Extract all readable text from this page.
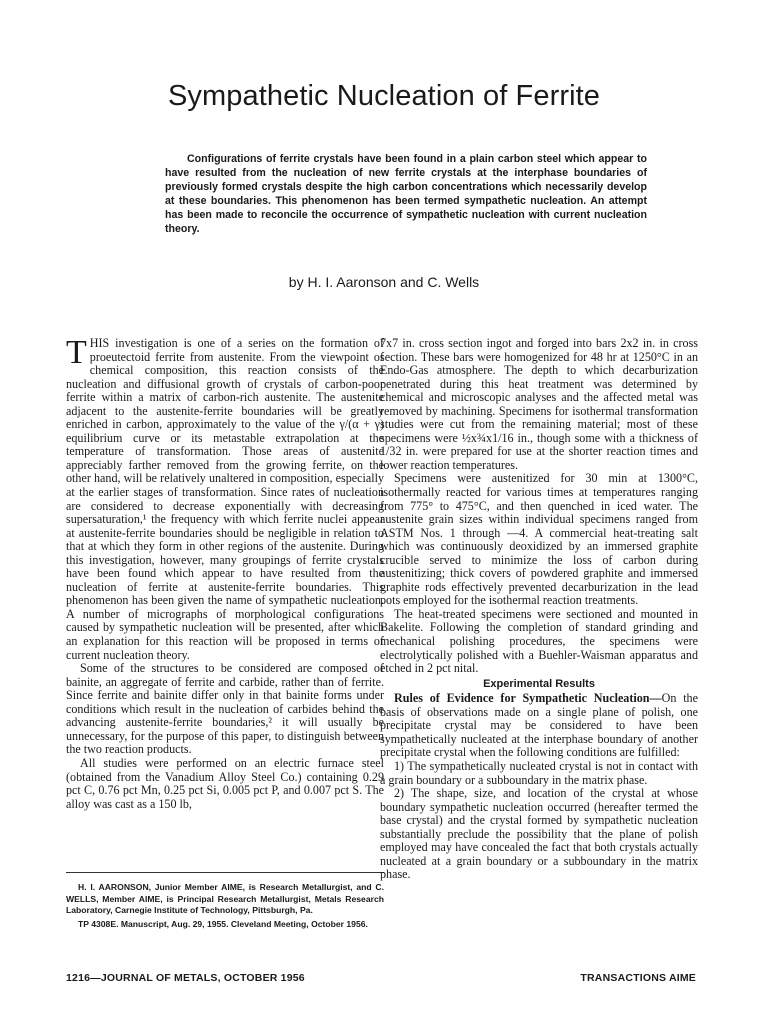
Sympathetic Nucleation of Ferrite

Configurations of ferrite crystals have been found in a plain carbon steel which appear to have resulted from the nucleation of new ferrite crystals at the interphase boundaries of previously formed crystals despite the high carbon concentrations which necessarily develop at these boundaries. This phenomenon has been termed sympathetic nucleation. An attempt has been made to reconcile the occurrence of sympathetic nucleation with current nucleation theory.

by H. I. Aaronson and C. Wells

THIS investigation is one of a series on the formation of proeutectoid ferrite from austenite. From the viewpoint of chemical composition, this reaction consists of the nucleation and diffusional growth of crystals of carbon-poor ferrite within a matrix of carbon-rich austenite. The austenite adjacent to the austenite-ferrite boundaries will be greatly enriched in carbon, approximately to the value of the γ/(α + γ) equilibrium curve or its metastable extrapolation at the temperature of transformation. Those areas of austenite appreciably farther removed from the growing ferrite, on the other hand, will be relatively unaltered in composition, especially at the earlier stages of transformation. Since rates of nucleation are considered to decrease exponentially with decreasing supersaturation,¹ the frequency with which ferrite nuclei appear at austenite-ferrite boundaries should be negligible in relation to that at which they form in other regions of the austenite. During this investigation, however, many groupings of ferrite crystals have been found which appear to have resulted from the nucleation of ferrite at austenite-ferrite boundaries. This phenomenon has been given the name of sympathetic nucleation. A number of micrographs of morphological configurations caused by sympathetic nucleation will be presented, after which an explanation for this reaction will be proposed in terms of current nucleation theory.

Some of the structures to be considered are composed of bainite, an aggregate of ferrite and carbide, rather than of ferrite. Since ferrite and bainite differ only in that bainite forms under conditions which result in the nucleation of carbides behind the advancing austenite-ferrite boundaries,² it will usually be unnecessary, for the purpose of this paper, to distinguish between the two reaction products.

All studies were performed on an electric furnace steel (obtained from the Vanadium Alloy Steel Co.) containing 0.29 pct C, 0.76 pct Mn, 0.25 pct Si, 0.005 pct P, and 0.007 pct S. The alloy was cast as a 150 lb,

H. I. AARONSON, Junior Member AIME, is Research Metallurgist, and C. WELLS, Member AIME, is Principal Research Metallurgist, Metals Research Laboratory, Carnegie Institute of Technology, Pittsburgh, Pa.

TP 4308E. Manuscript, Aug. 29, 1955. Cleveland Meeting, October 1956.

7x7 in. cross section ingot and forged into bars 2x2 in. in cross section. These bars were homogenized for 48 hr at 1250°C in an Endo-Gas atmosphere. The depth to which decarburization penetrated during this heat treatment was determined by chemical and microscopic analyses and the affected metal was removed by machining. Specimens for isothermal transformation studies were cut from the remaining material; most of these specimens were ½x¾x1/16 in., though some with a thickness of 1/32 in. were prepared for use at the shorter reaction times and lower reaction temperatures.

Specimens were austenitized for 30 min at 1300°C, isothermally reacted for various times at temperatures ranging from 775° to 475°C, and then quenched in iced water. The austenite grain sizes within individual specimens ranged from ASTM Nos. 1 through —4. A commercial heat-treating salt which was continuously deoxidized by an immersed graphite crucible served to minimize the loss of carbon during austenitizing; thick covers of powdered graphite and immersed graphite rods effectively prevented decarburization in the lead pots employed for the isothermal reaction treatments.

The heat-treated specimens were sectioned and mounted in Bakelite. Following the completion of standard grinding and mechanical polishing procedures, the specimens were electrolytically polished with a Buehler-Waisman apparatus and etched in 2 pct nital.

Experimental Results

Rules of Evidence for Sympathetic Nucleation—On the basis of observations made on a single plane of polish, one precipitate crystal may be considered to have been sympathetically nucleated at the interphase boundary of another precipitate crystal when the following conditions are fulfilled:

1) The sympathetically nucleated crystal is not in contact with a grain boundary or a subboundary in the matrix phase.

2) The shape, size, and location of the crystal at whose boundary sympathetic nucleation occurred (hereafter termed the base crystal) and the crystal formed by sympathetic nucleation substantially preclude the possibility that the plane of polish employed may have concealed the fact that both crystals actually nucleated at a grain boundary or a subboundary in the matrix phase.

1216—JOURNAL OF METALS, OCTOBER 1956	TRANSACTIONS AIME
